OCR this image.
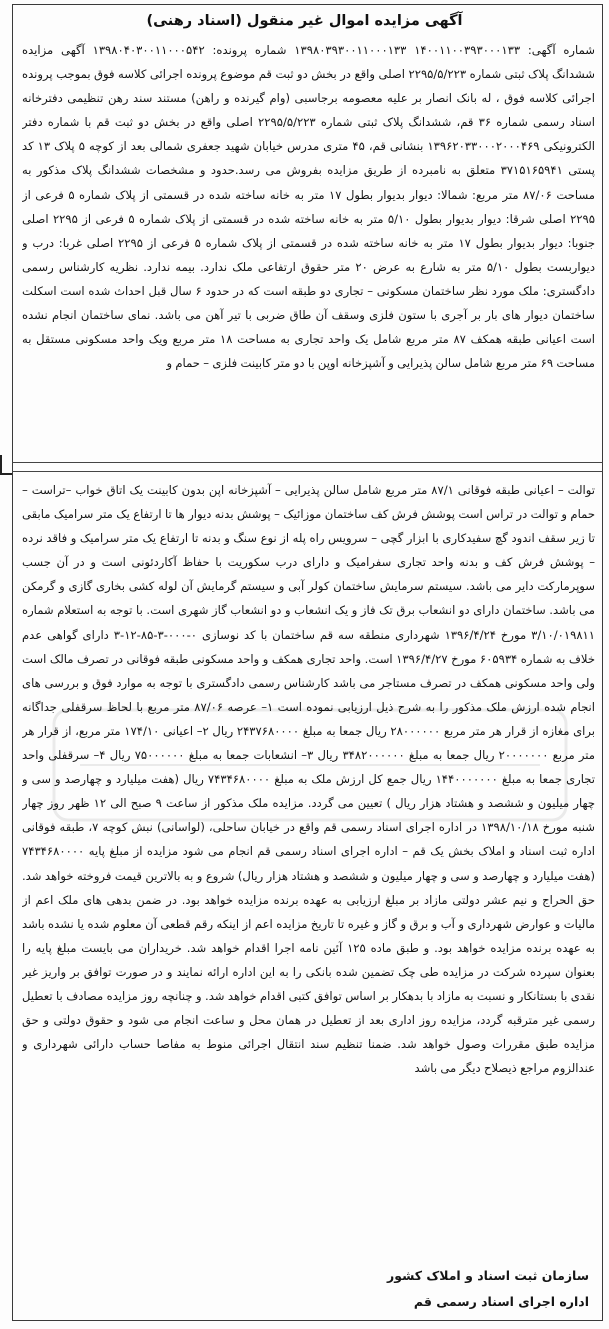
آگهی مزایده اموال غیر منقول (اسناد رهنی)

شماره آگهی: ۱۴۰۰۱۱۰۰۳۹۳۰۰۰۱۳۳ ۱۳۹۸۰۳۹۳۰۰۱۱۰۰۰۱۳۳ شماره پرونده: ۱۳۹۸۰۴۰۳۰۰۱۱۰۰۰۵۴۲ آگهی مزایده ششدانگ پلاک ثبتی شماره ۲۲۹۵/۵/۲۲۳ اصلی واقع در بخش دو ثبت قم موضوع پرونده اجرائی کلاسه فوق بموجب پرونده اجرائی کلاسه فوق ، له بانک انصار بر علیه معصومه برجاسبی (وام گیرنده و راهن) مستند سند رهن تنظیمی دفترخانه اسناد رسمی شماره ۳۶ قم، ششدانگ پلاک ثبتی شماره ۲۲۹۵/۵/۲۲۳ اصلی واقع در بخش دو ثبت قم با شماره دفتر الکترونیکی ۱۳۹۶۲۰۳۳۰۰۰۲۰۰۰۴۶۹ بنشانی قم، ۴۵ متری مدرس خیابان شهید جعفری شمالی بعد از کوچه ۵ پلاک ۱۳ کد پستی ۳۷۱۵۱۶۵۹۴۱ متعلق به نامبرده از طریق مزایده بفروش می رسد.حدود و مشخصات ششدانگ پلاک مذکور به مساحت ۸۷/۰۶ متر مربع: شمالا: دیوار بدیوار بطول ۱۷ متر به خانه ساخته شده در قسمتی از پلاک شماره ۵ فرعی از ۲۲۹۵ اصلی شرقا: دیوار بدیوار بطول ۵/۱۰ متر به خانه ساخته شده در قسمتی از پلاک شماره ۵ فرعی از ۲۲۹۵ اصلی جنوبا: دیوار بدیوار بطول ۱۷ متر به خانه ساخته شده در قسمتی از پلاک شماره ۵ فرعی از ۲۲۹۵ اصلی غربا: درب و دیواربست بطول ۵/۱۰ متر به شارع به عرض ۲۰ متر حقوق ارتفاعی ملک ندارد. بیمه ندارد. نظریه کارشناس رسمی دادگستری: ملک مورد نظر ساختمان مسکونی – تجاری دو طبقه است که در حدود ۶ سال قبل احداث شده است اسکلت ساختمان دیوار های بار بر آجری با ستون فلزی وسقف آن طاق ضربی با تیر آهن می باشد. نمای ساختمان انجام نشده است اعیانی طبقه همکف ۸۷ متر مربع شامل یک واحد تجاری به مساحت ۱۸ متر مربع ویک واحد مسکونی مستقل به مساحت ۶۹ متر مربع شامل سالن پذیرایی و آشپزخانه اوپن با دو متر کابینت فلزی – حمام و

توالت – اعیانی طبقه فوقانی ۸۷/۱ متر مربع شامل سالن پذیرایی – آشپزخانه اپن بدون کابینت یک اتاق خواب –تراست – حمام و توالت در تراس است پوشش فرش کف ساختمان موزائیک – پوشش بدنه دیوار ها تا ارتفاع یک متر سرامیک مابقی تا زیر سقف اندود گچ سفیدکاری با ابزار گچی – سرویس راه پله از نوع سنگ و بدنه تا ارتفاع یک متر سرامیک و فاقد نرده – پوشش فرش کف و بدنه واحد تجاری سفرامیک و دارای درب سکوریت با حفاظ آکاردئونی است و در آن جسب سوپرمارکت دایر می باشد. سیستم سرمایش ساختمان کولر آبی و سیستم گرمایش آن لوله کشی بخاری گازی و گرمکن می باشد. ساختمان دارای دو انشعاب برق تک فاز و یک انشعاب و دو انشعاب گاز شهری است. با توجه به استعلام شماره ۳/۱۰/۰۱۹۸۱۱ مورخ ۱۳۹۶/۴/۲۴ شهرداری منطقه سه قم ساختمان با کد نوسازی ۰-۰۰۰-۳-۸۵-۱۲-۳ دارای گواهی عدم خلاف به شماره ۶۰۵۹۳۴ مورخ ۱۳۹۶/۴/۲۷ است. واحد تجاری همکف و واحد مسکونی طبقه فوقانی در تصرف مالک است ولی واحد مسکونی همکف در تصرف مستاجر می باشد کارشناس رسمی دادگستری با توجه به موارد فوق و بررسی های انجام شده ارزش ملک مذکور را به شرح ذیل ارزیابی نموده است ۱– عرصه ۸۷/۰۶ متر مربع با لحاظ سرقفلی جداگانه برای مغازه از قرار هر متر مربع ۲۸۰۰۰۰۰۰ ریال جمعا به مبلغ ۲۴۳۷۶۸۰۰۰۰ ریال ۲– اعیانی ۱۷۴/۱۰ متر مربع، از قرار هر متر مربع ۲۰۰۰۰۰۰۰ ریال جمعا به مبلغ ۳۴۸۲۰۰۰۰۰۰ ریال ۳– انشعابات جمعا به مبلغ ۷۵۰۰۰۰۰۰ ریال ۴– سرقفلی واحد تجاری جمعا به مبلغ ۱۴۴۰۰۰۰۰۰۰ ریال جمع کل ارزش ملک به مبلغ ۷۴۳۴۶۸۰۰۰۰ ریال (هفت میلیارد و چهارصد و سی و چهار میلیون و ششصد و هشتاد هزار ریال ) تعیین می گردد. مزایده ملک مذکور از ساعت ۹ صبح الی ۱۲ ظهر روز چهار شنبه مورخ ۱۳۹۸/۱۰/۱۸ در اداره اجرای اسناد رسمی قم واقع در خیابان ساحلی، (لواسانی) نبش کوچه ۷، طبقه فوقانی اداره ثبت اسناد و املاک بخش یک قم – اداره اجرای اسناد رسمی قم انجام می شود مزایده از مبلغ پایه ۷۴۳۴۶۸۰۰۰۰ (هفت میلیارد و چهارصد و سی و چهار میلیون و ششصد و هشتاد هزار ریال) شروع و به بالاترین قیمت فروخته خواهد شد. حق الحراج و نیم عشر دولتی مازاد بر مبلغ ارزیابی به عهده برنده مزایده خواهد بود. در ضمن بدهی های ملک اعم از مالیات و عوارض شهرداری و آب و برق و گاز و غیره تا تاریخ مزایده اعم از اینکه رقم قطعی آن معلوم شده یا نشده باشد به عهده برنده مزایده خواهد بود. و طبق ماده ۱۲۵ آئین نامه اجرا اقدام خواهد شد. خریداران می بایست مبلغ پایه را بعنوان سپرده شرکت در مزایده طی چک تضمین شده بانکی را به این اداره ارائه نمایند و در صورت توافق بر واریز غیر نقدی با بستانکار و نسبت به مازاد با بدهکار بر اساس توافق کتبی اقدام خواهد شد. و چنانچه روز مزایده مصادف با تعطیل رسمی غیر مترقبه گردد، مزایده روز اداری بعد از تعطیل در همان محل و ساعت انجام می شود و حقوق دولتی و حق مزایده طبق مقررات وصول خواهد شد. ضمنا تنظیم سند انتقال اجرائی منوط به مفاصا حساب دارائی شهرداری و عندالزوم مراجع ذیصلاح دیگر می باشد

سازمان ثبت اسناد و املاک کشور
اداره اجرای اسناد رسمی قم
